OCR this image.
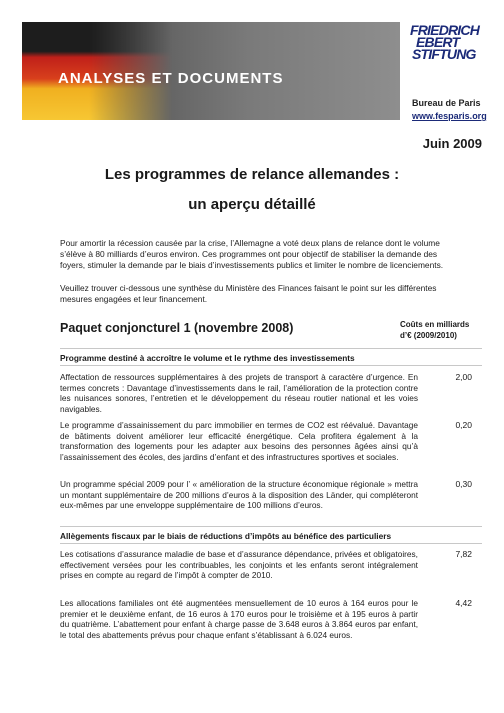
ANALYSES ET DOCUMENTS
FRIEDRICH
EBERT
STIFTUNG
Bureau de Paris
www.fesparis.org
Juin 2009
Les programmes de relance allemandes :
un aperçu détaillé

Pour amortir la récession causée par la crise, l’Allemagne a voté deux plans de relance dont le volume s’élève à 80 milliards d’euros environ. Ces programmes ont pour objectif de stabiliser la demande des foyers, stimuler la demande par le biais d’investissements publics et limiter le nombre de licenciements.

Veuillez trouver ci-dessous une synthèse du Ministère des Finances faisant le point sur les différentes mesures engagées et leur financement.

Paquet conjoncturel 1 (novembre 2008)	Coûts en milliards d’€ (2009/2010)
Programme destiné à accroître le volume et le rythme des investissements

Affectation de ressources supplémentaires à des projets de transport à caractère d’urgence. En termes concrets : Davantage d’investissements dans le rail, l’amélioration de la protection contre les nuisances sonores, l’entretien et le développement du réseau routier national et les voies navigables.

2,00

Le programme d’assainissement du parc immobilier en termes de CO2 est réévalué. Davantage de bâtiments doivent améliorer leur efficacité énergétique. Cela profitera également à la transformation des logements pour les adapter aux besoins des personnes âgées ainsi qu’à l’assainissement des écoles, des jardins d’enfant et des infrastructures sportives et sociales.

0,20

Un programme spécial 2009 pour l’ « amélioration de la structure économique régionale » mettra un montant supplémentaire de 200 millions d’euros à la disposition des Länder, qui compléteront eux-mêmes par une enveloppe supplémentaire de 100 millions d’euros.

0,30
Allègements fiscaux par le biais de réductions d’impôts au bénéfice des particuliers

Les cotisations d’assurance maladie de base et d’assurance dépendance, privées et obligatoires, effectivement versées pour les contribuables, les conjoints et les enfants seront intégralement prises en compte au regard de l’impôt à compter de 2010.

7,82

Les allocations familiales ont été augmentées mensuellement de 10 euros à 164 euros pour le premier et le deuxième enfant, de 16 euros à 170 euros pour le troisième et à 195 euros à partir du quatrième. L’abattement pour enfant à charge passe de 3.648 euros à 3.864 euros par enfant, le total des abattements prévus pour chaque enfant s’établissant à 6.024 euros.

4,42
